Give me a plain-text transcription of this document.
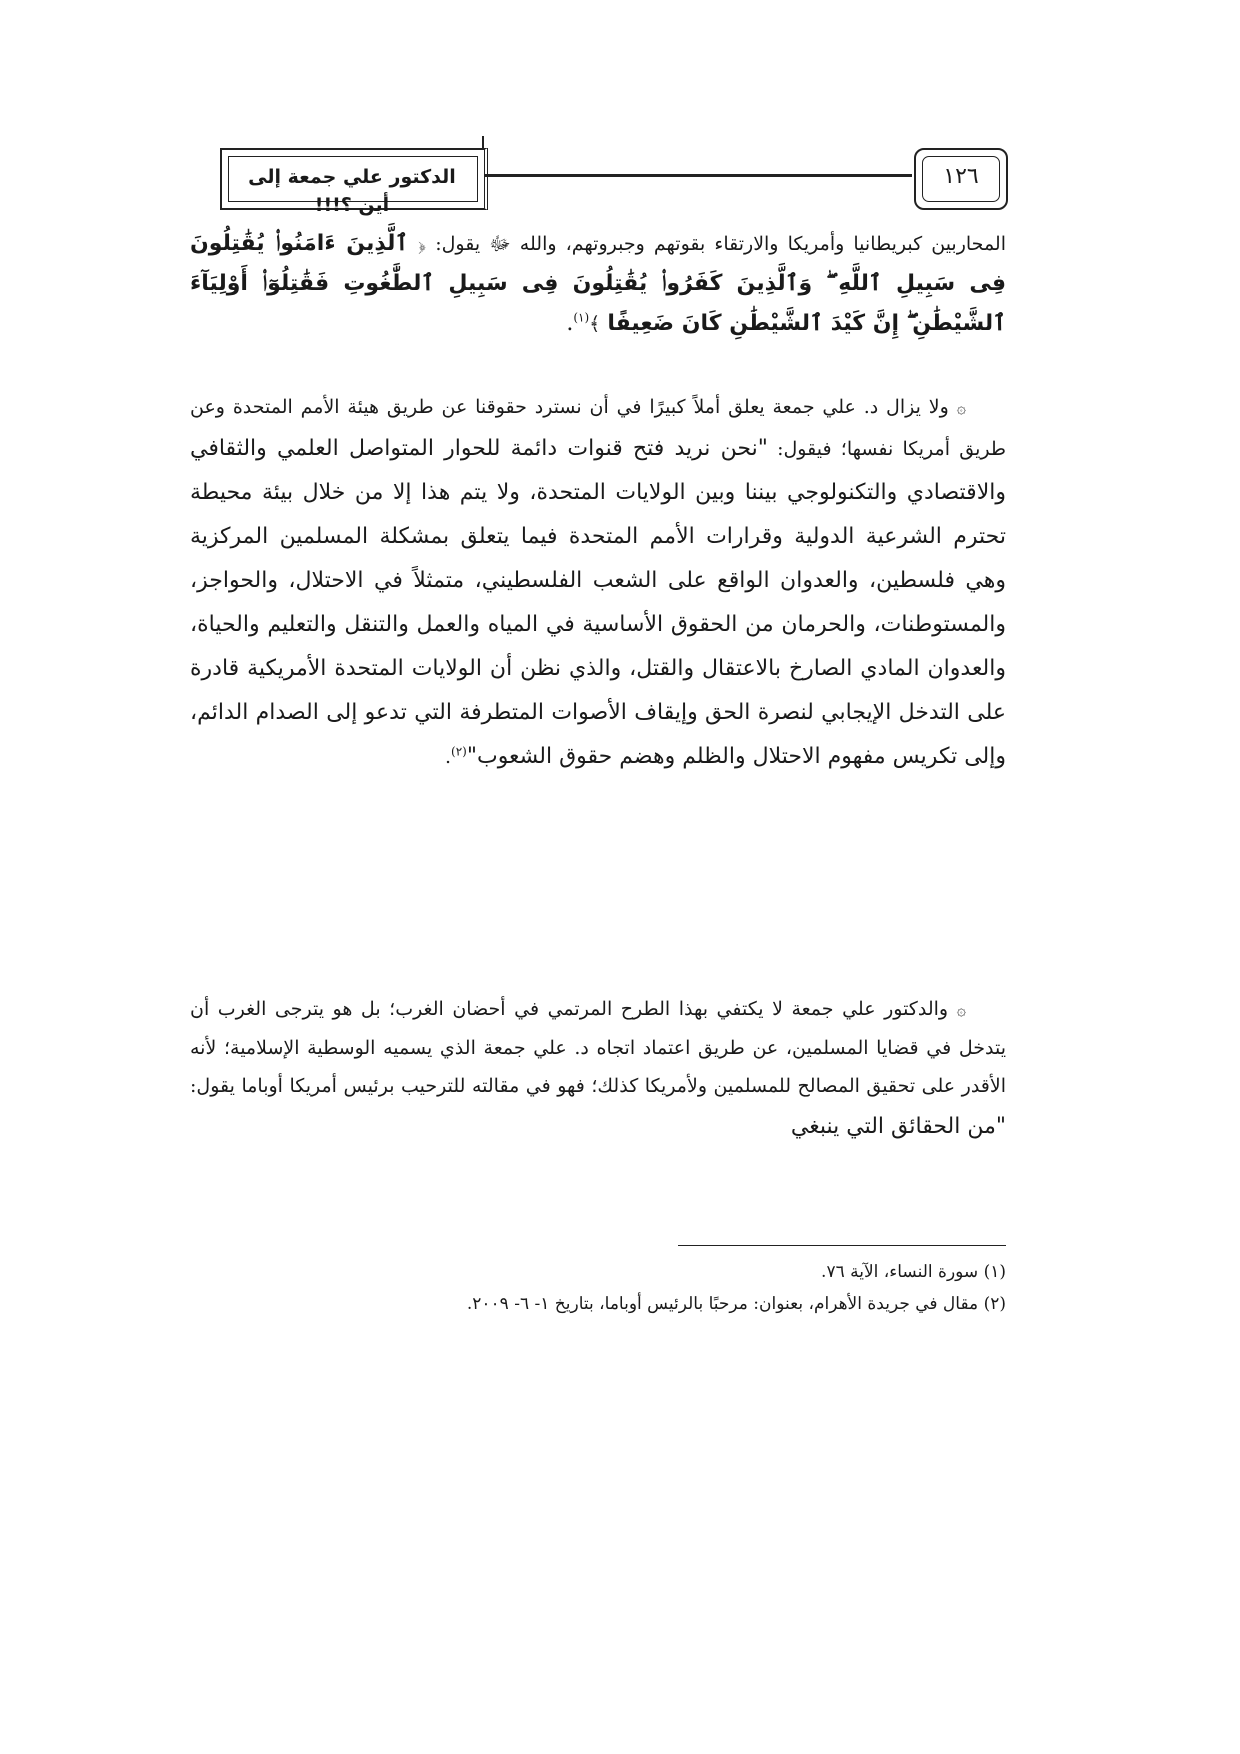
الدكتور علي جمعة إلى أين ؟!!!
١٢٦
المحاربين كبريطانيا وأمريكا والارتقاء بقوتهم وجبروتهم، والله ﷻ يقول: ﴿ ٱلَّذِينَ ءَامَنُوا۟ يُقَٰتِلُونَ فِى سَبِيلِ ٱللَّهِ ۖ وَٱلَّذِينَ كَفَرُوا۟ يُقَٰتِلُونَ فِى سَبِيلِ ٱلطَّٰغُوتِ فَقَٰتِلُوٓا۟ أَوْلِيَآءَ ٱلشَّيْطَٰنِ ۖ إِنَّ كَيْدَ ٱلشَّيْطَٰنِ كَانَ ضَعِيفًا ﴾$^{(١)}$.
۞ ولا يزال د. علي جمعة يعلق أملاً كبيرًا في أن نسترد حقوقنا عن طريق هيئة الأمم المتحدة وعن طريق أمريكا نفسها؛ فيقول: "نحن نريد فتح قنوات دائمة للحوار المتواصل العلمي والثقافي والاقتصادي والتكنولوجي بيننا وبين الولايات المتحدة، ولا يتم هذا إلا من خلال بيئة محيطة تحترم الشرعية الدولية وقرارات الأمم المتحدة فيما يتعلق بمشكلة المسلمين المركزية وهي فلسطين، والعدوان الواقع على الشعب الفلسطيني، متمثلاً في الاحتلال، والحواجز، والمستوطنات، والحرمان من الحقوق الأساسية في المياه والعمل والتنقل والتعليم والحياة، والعدوان المادي الصارخ بالاعتقال والقتل، والذي نظن أن الولايات المتحدة الأمريكية قادرة على التدخل الإيجابي لنصرة الحق وإيقاف الأصوات المتطرفة التي تدعو إلى الصدام الدائم، وإلى تكريس مفهوم الاحتلال والظلم وهضم حقوق الشعوب"$^{(٢)}$.
۞ والدكتور علي جمعة لا يكتفي بهذا الطرح المرتمي في أحضان الغرب؛ بل هو يترجى الغرب أن يتدخل في قضايا المسلمين، عن طريق اعتماد اتجاه د. علي جمعة الذي يسميه الوسطية الإسلامية؛ لأنه الأقدر على تحقيق المصالح للمسلمين ولأمريكا كذلك؛ فهو في مقالته للترحيب برئيس أمريكا أوباما يقول: "من الحقائق التي ينبغي
(١) سورة النساء، الآية ٧٦.
(٢) مقال في جريدة الأهرام، بعنوان: مرحبًا بالرئيس أوباما، بتاريخ ١- ٦- ٢٠٠٩.
